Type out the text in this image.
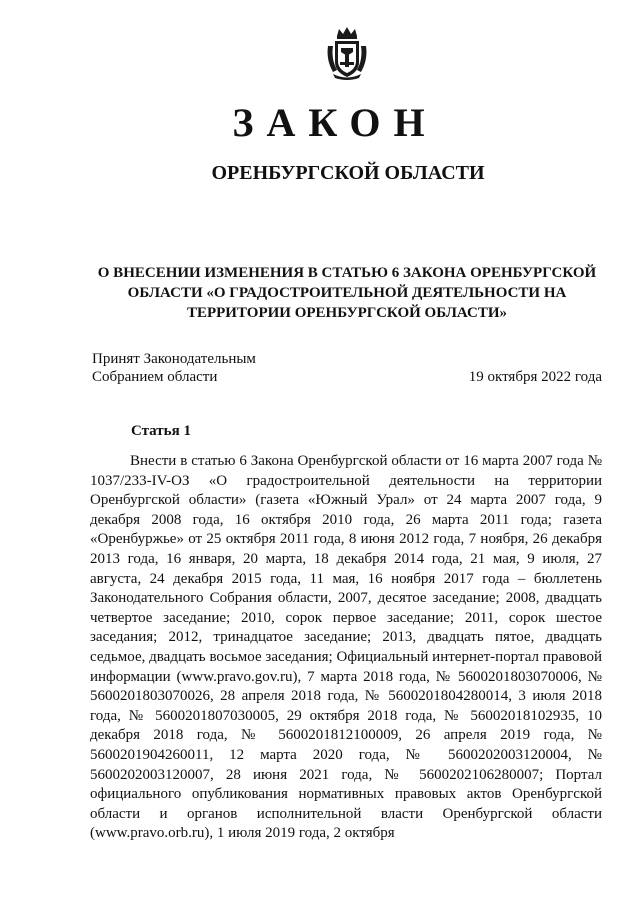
ЗАКОН
ОРЕНБУРГСКОЙ ОБЛАСТИ
О ВНЕСЕНИИ ИЗМЕНЕНИЯ В СТАТЬЮ 6 ЗАКОНА ОРЕНБУРГСКОЙ
ОБЛАСТИ «О ГРАДОСТРОИТЕЛЬНОЙ ДЕЯТЕЛЬНОСТИ НА
ТЕРРИТОРИИ ОРЕНБУРГСКОЙ ОБЛАСТИ»
Принят Законодательным
Собранием области	19 октября 2022 года
Статья 1

Внести в статью 6 Закона Оренбургской области от 16 марта 2007 года № 1037/233-IV-ОЗ «О градостроительной деятельности на территории Оренбургской области» (газета «Южный Урал» от 24 марта 2007 года, 9 декабря 2008 года, 16 октября 2010 года, 26 марта 2011 года; газета «Оренбуржье» от 25 октября 2011 года, 8 июня 2012 года, 7 ноября, 26 декабря 2013 года, 16 января, 20 марта, 18 декабря 2014 года, 21 мая, 9 июля, 27 августа, 24 декабря 2015 года, 11 мая, 16 ноября 2017 года – бюллетень Законодательного Собрания области, 2007, десятое заседание; 2008, двадцать четвертое заседание; 2010, сорок первое заседание; 2011, сорок шестое заседания; 2012, тринадцатое заседание; 2013, двадцать пятое, двадцать седьмое, двадцать восьмое заседания; Официальный интернет-портал правовой информации (www.pravo.gov.ru), 7 марта 2018 года, № 5600201803070006, № 5600201803070026, 28 апреля 2018 года, № 5600201804280014, 3 июля 2018 года, № 5600201807030005, 29 октября 2018 года, № 5600201810293​5, 10 декабря 2018 года, № 5600201812100009, 26 апреля 2019 года, № 5600201904260011, 12 марта 2020 года, № 5600202003120004, № 5600202003120007, 28 июня 2021 года, № 5600202106280007; Портал официального опубликования нормативных правовых актов Оренбургской области и органов исполнительной власти Оренбургской области (www.pravo.orb.ru), 1 июля 2019 года, 2 октября
